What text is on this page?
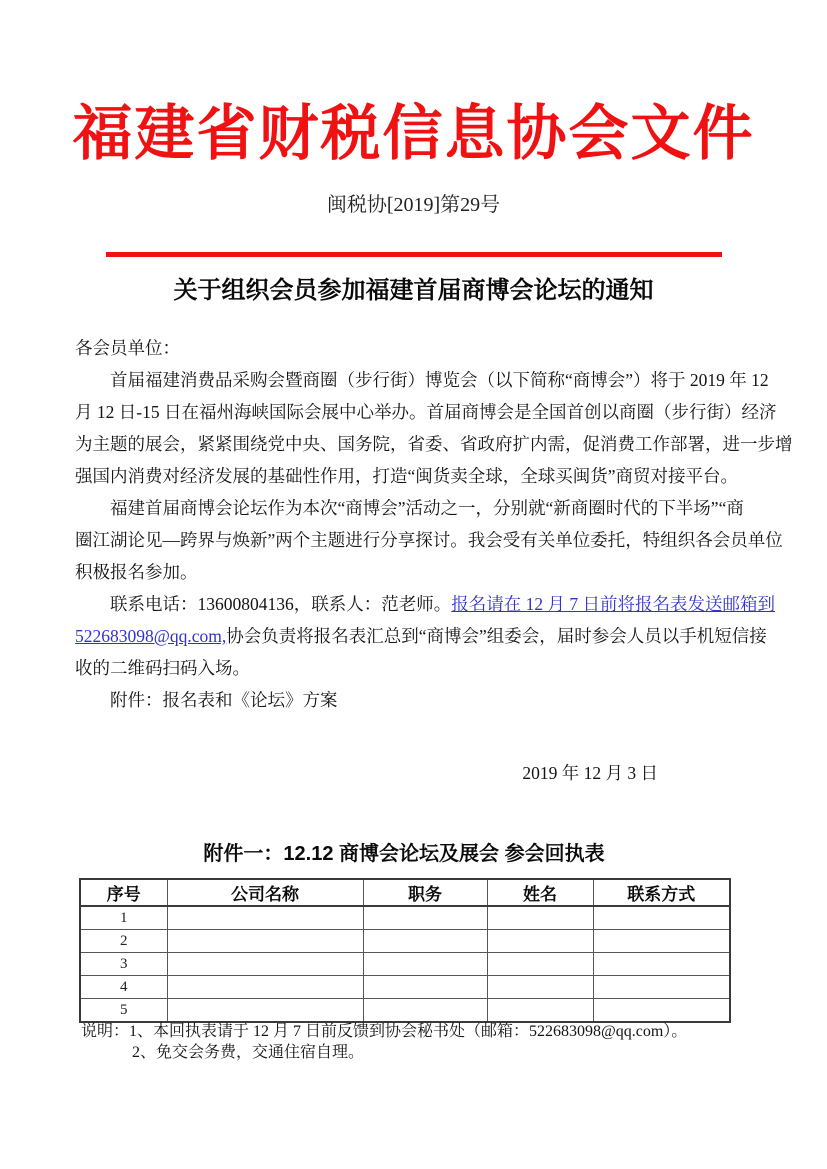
福建省财税信息协会文件
闽税协[2019]第29号
关于组织会员参加福建首届商博会论坛的通知
各会员单位：
首届福建消费品采购会暨商圈（步行街）博览会（以下简称“商博会”）将于 2019 年 12
月 12 日-15 日在福州海峡国际会展中心举办。首届商博会是全国首创以商圈（步行街）经济
为主题的展会，紧紧围绕党中央、国务院，省委、省政府扩内需，促消费工作部署，进一步增
强国内消费对经济发展的基础性作用，打造“闽货卖全球，全球买闽货”商贸对接平台。
福建首届商博会论坛作为本次“商博会”活动之一，分别就“新商圈时代的下半场”“商
圈江湖论见—跨界与焕新”两个主题进行分享探讨。我会受有关单位委托，特组织各会员单位
积极报名参加。
联系电话：13600804136，联系人：范老师。报名请在 12 月 7 日前将报名表发送邮箱到
522683098@qq.com,协会负责将报名表汇总到“商博会”组委会，届时参会人员以手机短信接
收的二维码扫码入场。
附件：报名表和《论坛》方案
2019 年 12 月 3 日
附件一：12.12 商博会论坛及展会 参会回执表
序号	公司名称	职务	姓名	联系方式
1				
2				
3				
4				
5				
说明：1、本回执表请于 12 月 7 日前反馈到协会秘书处（邮箱：522683098@qq.com）。
2、免交会务费，交通住宿自理。
